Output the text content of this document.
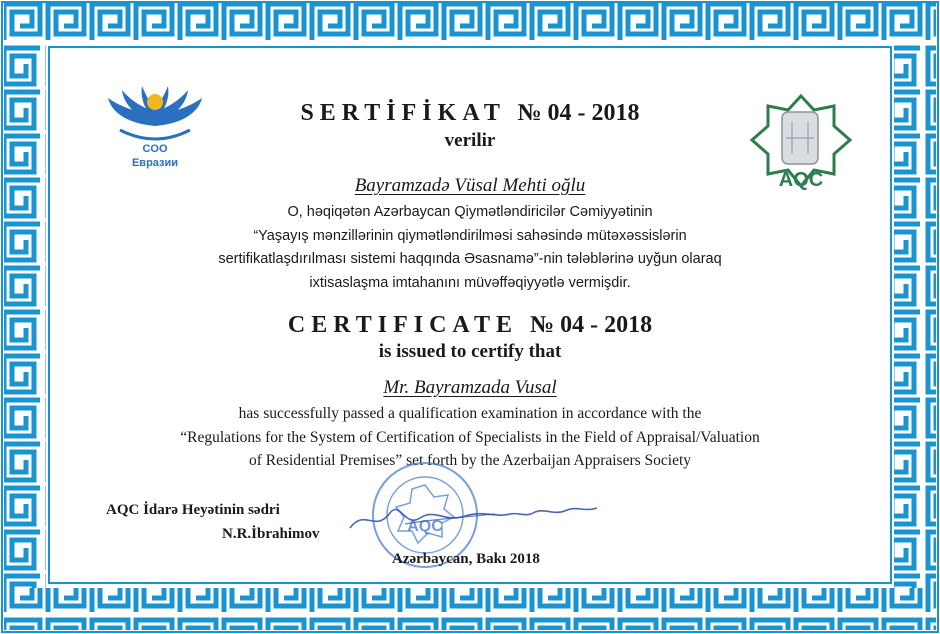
CОО
Евразии
AQC
SERTİFİKAT № 04 - 2018
verilir
Bayramzadə Vüsal Mehti oğlu
O, həqiqətən Azərbaycan Qiymətləndiricilər Cəmiyyətinin
“Yaşayış mənzillərinin qiymətləndirilməsi sahəsində mütəxəssislərin
sertifikatlaşdırılması sistemi haqqında Əsasnamə”-nin tələblərinə uyğun olaraq
ixtisaslaşma imtahanını müvəffəqiyyətlə vermişdir.
CERTIFICATE № 04 - 2018
is issued to certify that
Mr. Bayramzada Vusal
has successfully passed a qualification examination in accordance with the
“Regulations for the System of Certification of Specialists in the Field of Appraisal/Valuation
of Residential Premises” set forth by the Azerbaijan Appraisers Society
AQC
AQC İdarə Heyətinin sədri
N.R.İbrahimov
Azərbaycan, Bakı 2018
